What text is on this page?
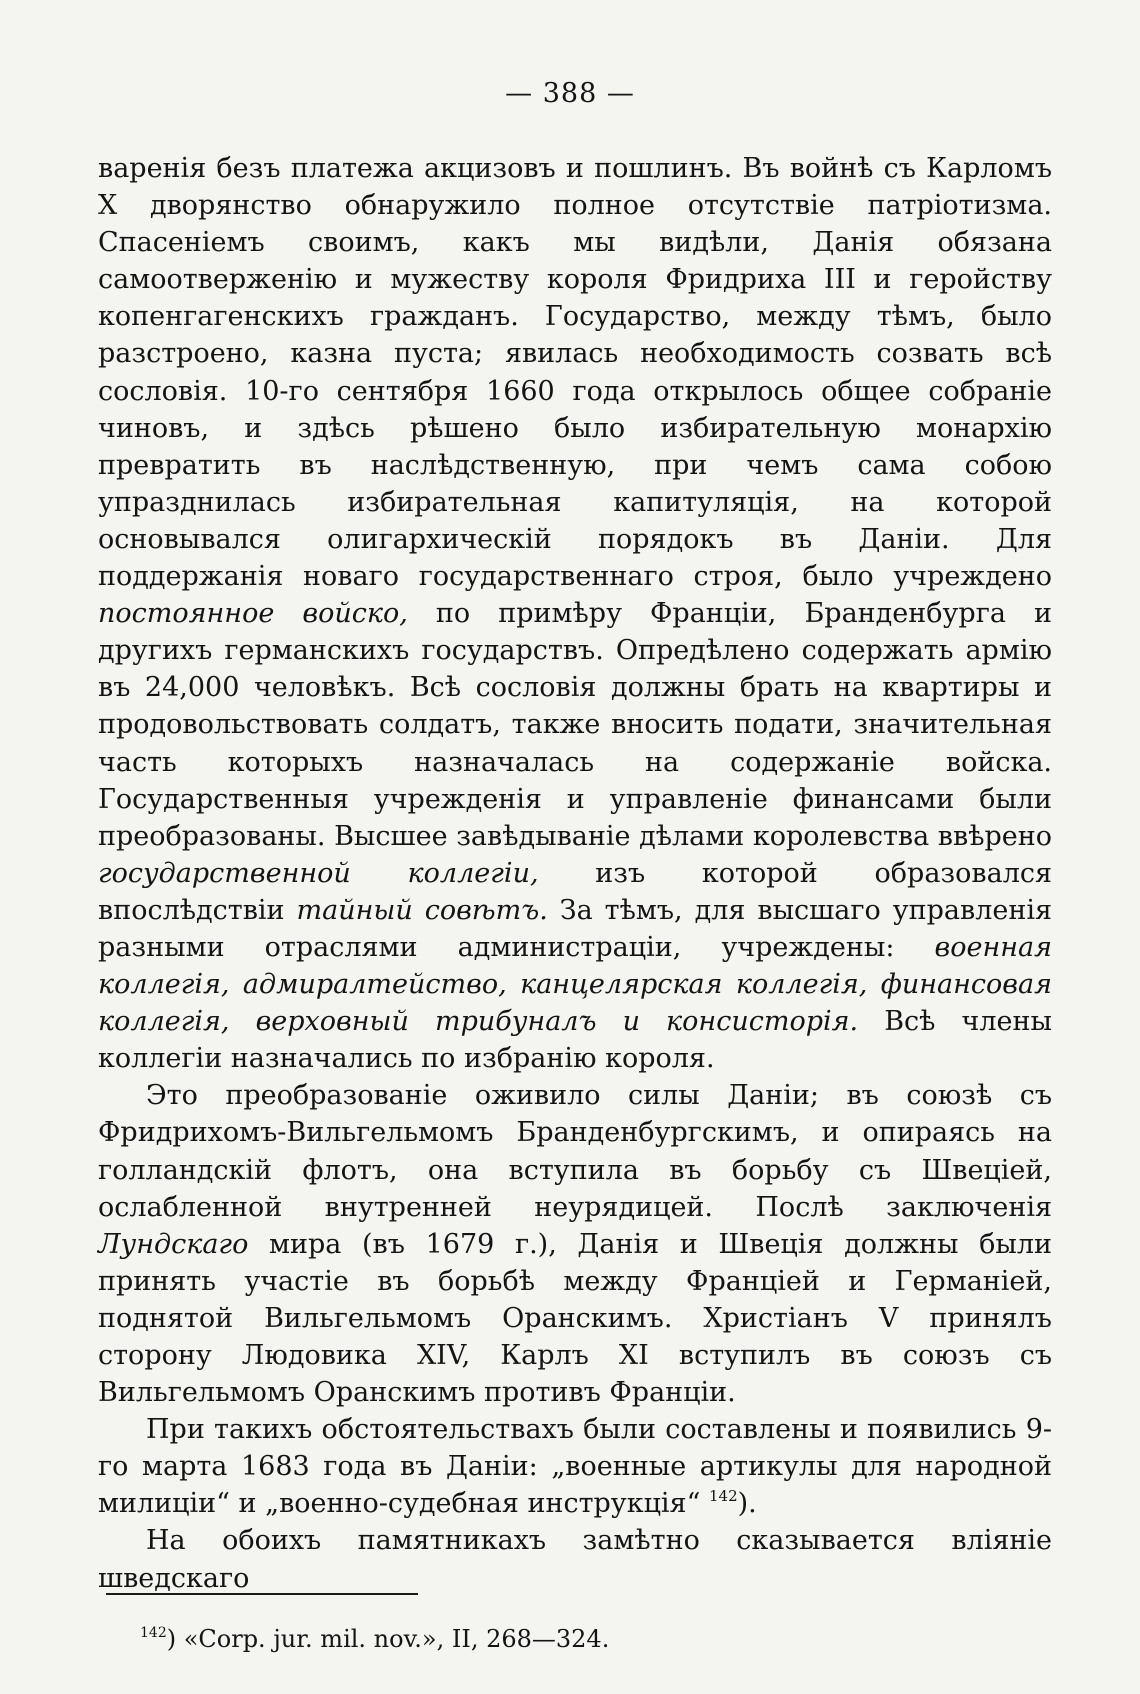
— 388 —

варенія безъ платежа акцизовъ и пошлинъ. Въ войнѣ съ Карломъ X дворянство обнаружило полное отсутствіе патріотизма. Спасеніемъ своимъ, какъ мы видѣли, Данія обязана самоотверженію и мужеству короля Фридриха III и геройству копенгагенскихъ гражданъ. Государство, между тѣмъ, было разстроено, казна пуста; явилась необходимость созвать всѣ сословія. 10-го сентября 1660 года открылось общее собраніе чиновъ, и здѣсь рѣшено было избирательную монархію превратить въ наслѣдственную, при чемъ сама собою упразднилась избирательная капитуляція, на которой основывался олигархическій порядокъ въ Даніи. Для поддержанія новаго государственнаго строя, было учреждено постоянное войско, по примѣру Франціи, Бранденбурга и другихъ германскихъ государствъ. Опредѣлено содержать армію въ 24,000 человѣкъ. Всѣ сословія должны брать на квартиры и продовольствовать солдатъ, также вносить подати, значительная часть которыхъ назначалась на содержаніе войска. Государственныя учрежденія и управленіе финансами были преобразованы. Высшее завѣдываніе дѣлами королевства ввѣрено государственной коллегіи, изъ которой образовался впослѣдствіи тайный совѣтъ. За тѣмъ, для высшаго управленія разными отраслями администраціи, учреждены: военная коллегія, адмиралтейство, канцелярская коллегія, финансовая коллегія, верховный трибуналъ и консисторія. Всѣ члены коллегіи назначались по избранію короля.

Это преобразованіе оживило силы Даніи; въ союзѣ съ Фридрихомъ-Вильгельмомъ Бранденбургскимъ, и опираясь на голландскій флотъ, она вступила въ борьбу съ Швеціей, ослабленной внутренней неурядицей. Послѣ заключенія Лундскаго мира (въ 1679 г.), Данія и Швеція должны были принять участіе въ борьбѣ между Франціей и Германіей, поднятой Вильгельмомъ Оранскимъ. Христіанъ V принялъ сторону Людовика XIV, Карлъ XI вступилъ въ союзъ съ Вильгельмомъ Оранскимъ противъ Франціи.

При такихъ обстоятельствахъ были составлены и появились 9-го марта 1683 года въ Даніи: „военные артикулы для народной милиціи“ и „военно-судебная инструкція“ $^{142}$).

На обоихъ памятникахъ замѣтно сказывается вліяніе шведскаго

$^{142}$) «Corp. jur. mil. nov.», II, 268—324.
